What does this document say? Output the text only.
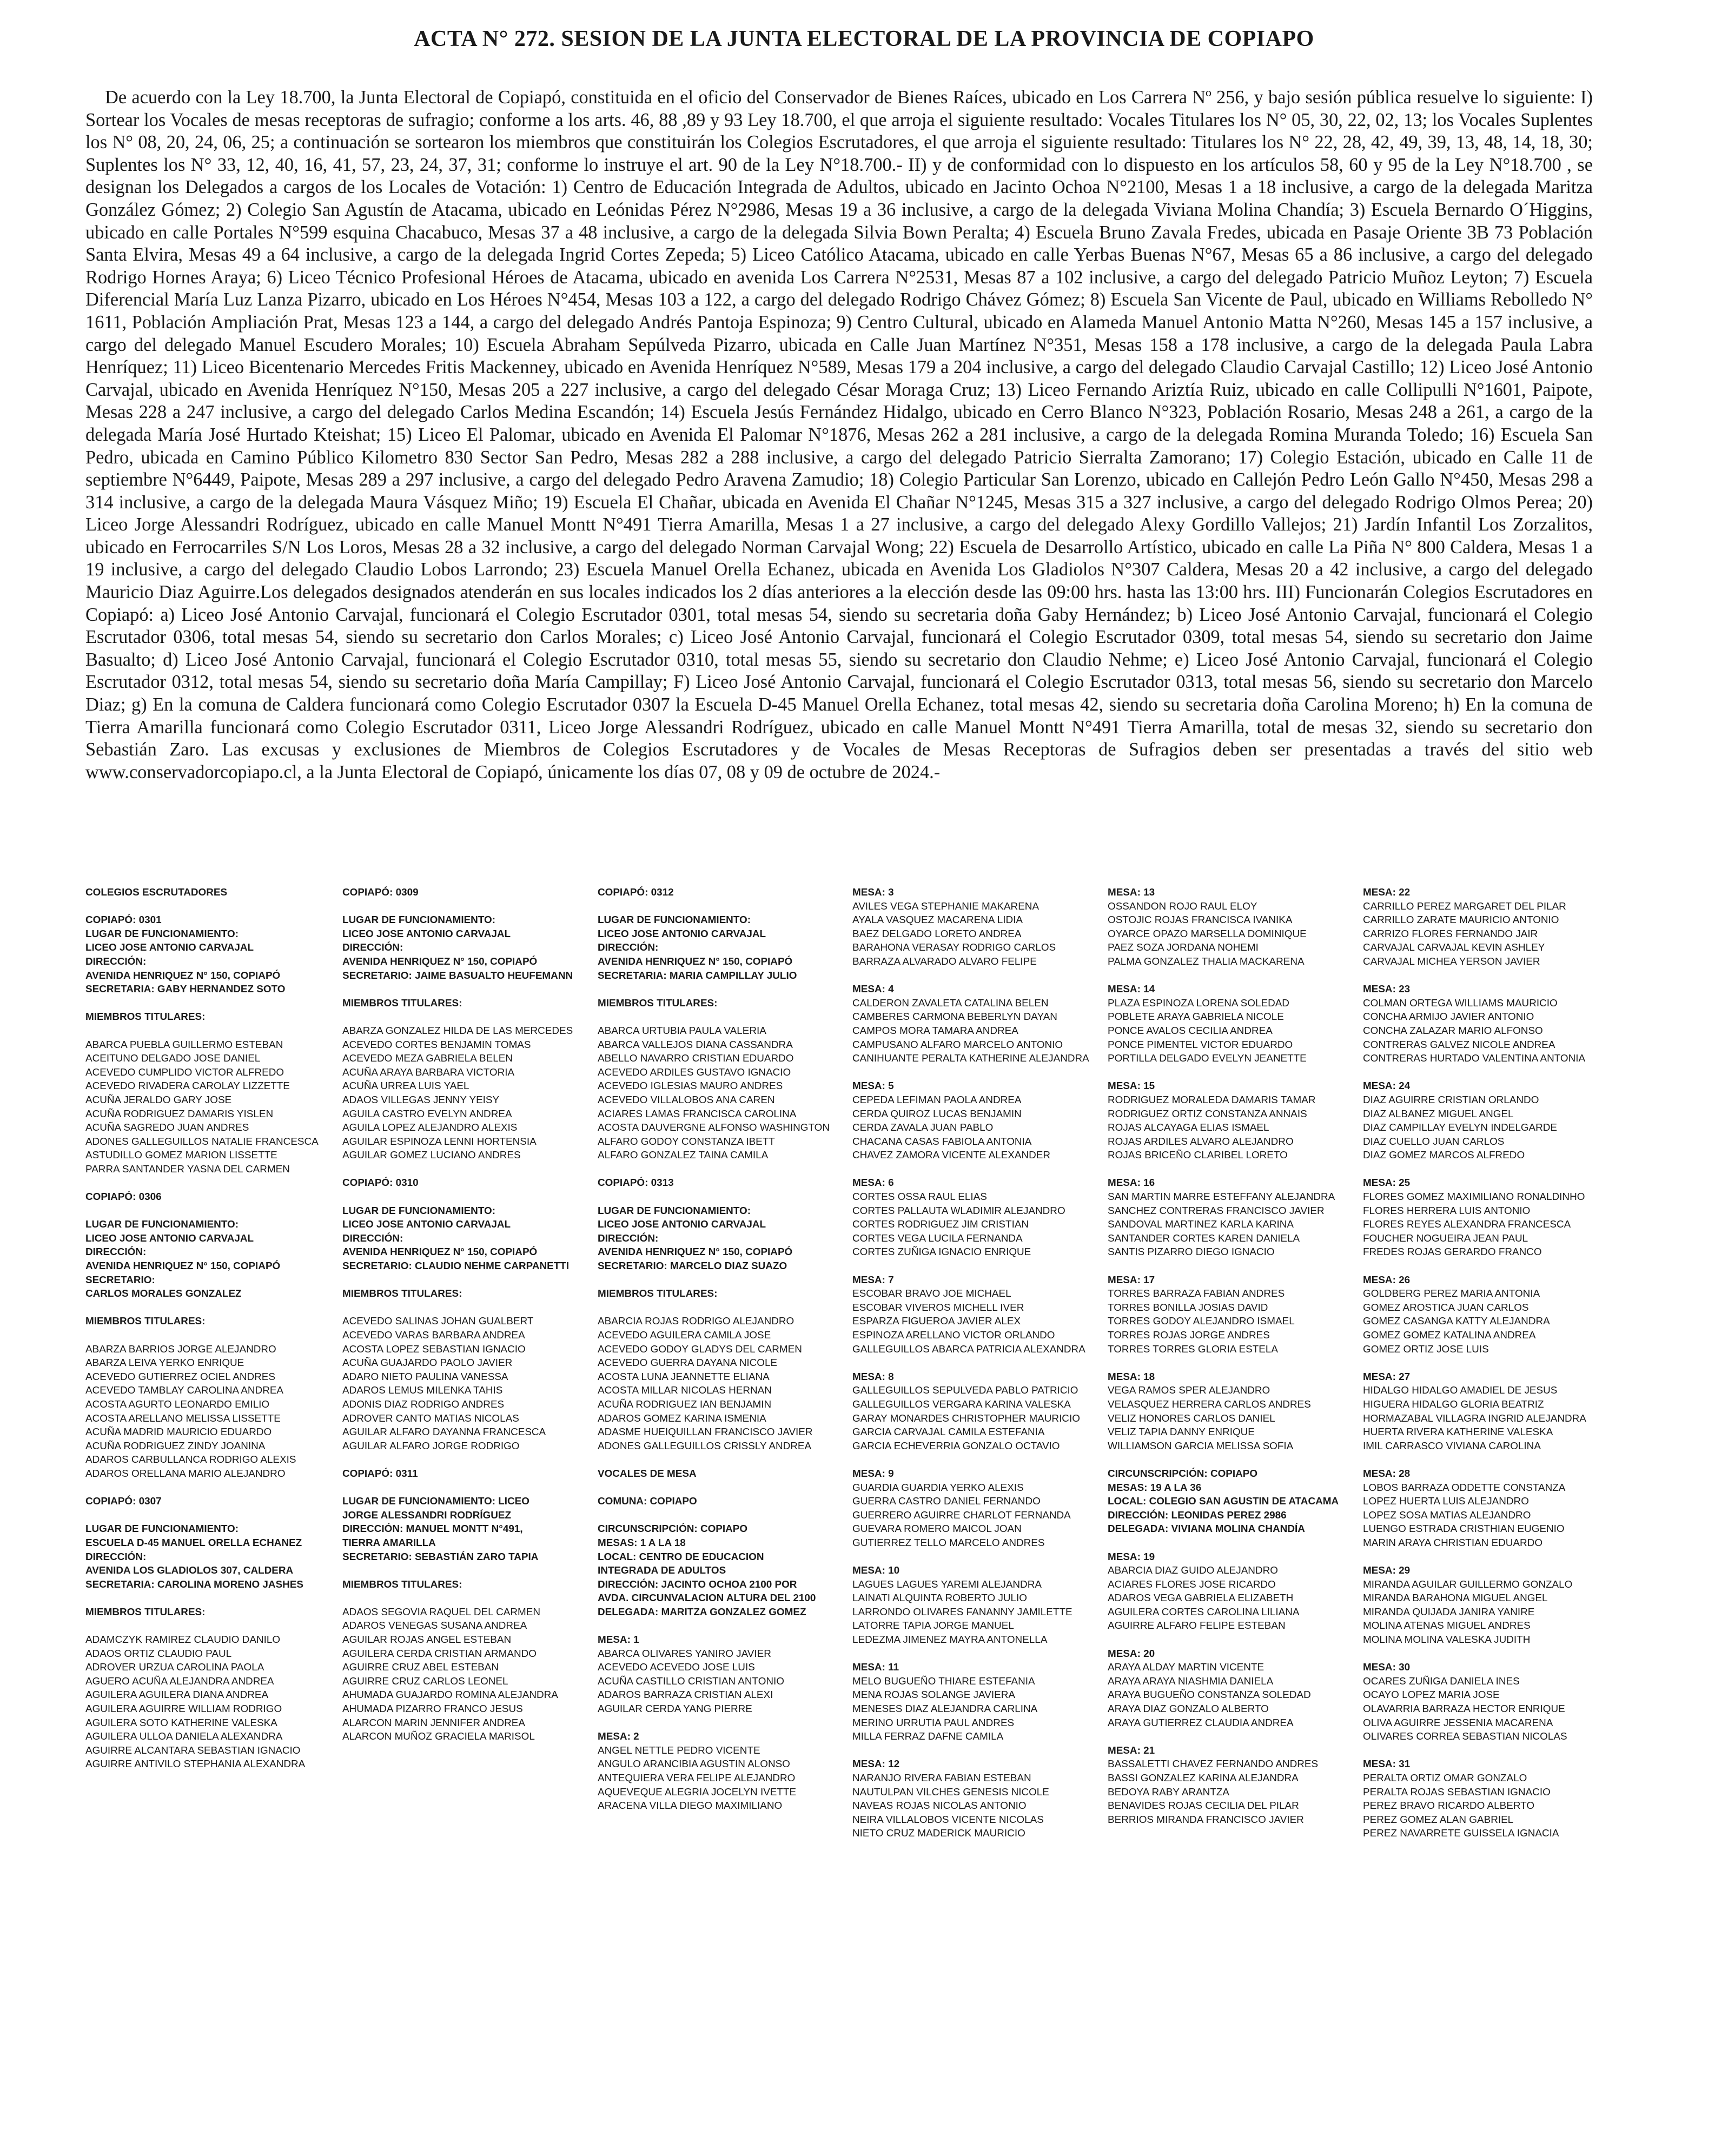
ACTA N° 272. SESION DE LA JUNTA ELECTORAL DE LA PROVINCIA DE COPIAPO

De acuerdo con la Ley 18.700, la Junta Electoral de Copiapó, constituida en el oficio del Conservador de Bienes Raíces, ubicado en Los Carrera Nº 256, y bajo sesión pública resuelve lo siguiente: I) Sortear los Vocales de mesas receptoras de sufragio; conforme a los arts. 46, 88 ,89 y 93 Ley 18.700, el que arroja el siguiente resultado: Vocales Titulares los N° 05, 30, 22, 02, 13; los Vocales Suplentes los N° 08, 20, 24, 06, 25; a continuación se sortearon los miembros que constituirán los Colegios Escrutadores, el que arroja el siguiente resultado: Titulares los N° 22, 28, 42, 49, 39, 13, 48, 14, 18, 30; Suplentes los N° 33, 12, 40, 16, 41, 57, 23, 24, 37, 31; conforme lo instruye el art. 90 de la Ley N°18.700.- II) y de conformidad con lo dispuesto en los artículos 58, 60 y 95 de la Ley N°18.700 , se designan los Delegados a cargos de los Locales de Votación: 1) Centro de Educación Integrada de Adultos, ubicado en Jacinto Ochoa N°2100, Mesas 1 a 18 inclusive, a cargo de la delegada Maritza González Gómez; 2) Colegio San Agustín de Atacama, ubicado en Leónidas Pérez N°2986, Mesas 19 a 36 inclusive, a cargo de la delegada Viviana Molina Chandía; 3) Escuela Bernardo O´Higgins, ubicado en calle Portales N°599 esquina Chacabuco, Mesas 37 a 48 inclusive, a cargo de la delegada Silvia Bown Peralta; 4) Escuela Bruno Zavala Fredes, ubicada en Pasaje Oriente 3B 73 Población Santa Elvira, Mesas 49 a 64 inclusive, a cargo de la delegada Ingrid Cortes Zepeda; 5) Liceo Católico Atacama, ubicado en calle Yerbas Buenas N°67, Mesas 65 a 86 inclusive, a cargo del delegado Rodrigo Hornes Araya; 6) Liceo Técnico Profesional Héroes de Atacama, ubicado en avenida Los Carrera N°2531, Mesas 87 a 102 inclusive, a cargo del delegado Patricio Muñoz Leyton; 7) Escuela Diferencial María Luz Lanza Pizarro, ubicado en Los Héroes N°454, Mesas 103 a 122, a cargo del delegado Rodrigo Chávez Gómez; 8) Escuela San Vicente de Paul, ubicado en Williams Rebolledo N° 1611, Población Ampliación Prat, Mesas 123 a 144, a cargo del delegado Andrés Pantoja Espinoza; 9) Centro Cultural, ubicado en Alameda Manuel Antonio Matta N°260, Mesas 145 a 157 inclusive, a cargo del delegado Manuel Escudero Morales; 10) Escuela Abraham Sepúlveda Pizarro, ubicada en Calle Juan Martínez N°351, Mesas 158 a 178 inclusive, a cargo de la delegada Paula Labra Henríquez; 11) Liceo Bicentenario Mercedes Fritis Mackenney, ubicado en Avenida Henríquez N°589, Mesas 179 a 204 inclusive, a cargo del delegado Claudio Carvajal Castillo; 12) Liceo José Antonio Carvajal, ubicado en Avenida Henríquez N°150, Mesas 205 a 227 inclusive, a cargo del delegado César Moraga Cruz; 13) Liceo Fernando Ariztía Ruiz, ubicado en calle Collipulli N°1601, Paipote, Mesas 228 a 247 inclusive, a cargo del delegado Carlos Medina Escandón; 14) Escuela Jesús Fernández Hidalgo, ubicado en Cerro Blanco N°323, Población Rosario, Mesas 248 a 261, a cargo de la delegada María José Hurtado Kteishat; 15) Liceo El Palomar, ubicado en Avenida El Palomar N°1876, Mesas 262 a 281 inclusive, a cargo de la delegada Romina Muranda Toledo; 16) Escuela San Pedro, ubicada en Camino Público Kilometro 830 Sector San Pedro, Mesas 282 a 288 inclusive, a cargo del delegado Patricio Sierralta Zamorano; 17) Colegio Estación, ubicado en Calle 11 de septiembre N°6449, Paipote, Mesas 289 a 297 inclusive, a cargo del delegado Pedro Aravena Zamudio; 18) Colegio Particular San Lorenzo, ubicado en Callejón Pedro León Gallo N°450, Mesas 298 a 314 inclusive, a cargo de la delegada Maura Vásquez Miño; 19) Escuela El Chañar, ubicada en Avenida El Chañar N°1245, Mesas 315 a 327 inclusive, a cargo del delegado Rodrigo Olmos Perea; 20) Liceo Jorge Alessandri Rodríguez, ubicado en calle Manuel Montt N°491 Tierra Amarilla, Mesas 1 a 27 inclusive, a cargo del delegado Alexy Gordillo Vallejos; 21) Jardín Infantil Los Zorzalitos, ubicado en Ferrocarriles S/N Los Loros, Mesas 28 a 32 inclusive, a cargo del delegado Norman Carvajal Wong; 22) Escuela de Desarrollo Artístico, ubicado en calle La Piña N° 800 Caldera, Mesas 1 a 19 inclusive, a cargo del delegado Claudio Lobos Larrondo; 23) Escuela Manuel Orella Echanez, ubicada en Avenida Los Gladiolos N°307 Caldera, Mesas 20 a 42 inclusive, a cargo del delegado Mauricio Diaz Aguirre.Los delegados designados atenderán en sus locales indicados los 2 días anteriores a la elección desde las 09:00 hrs. hasta las 13:00 hrs. III) Funcionarán Colegios Escrutadores en Copiapó: a) Liceo José Antonio Carvajal, funcionará el Colegio Escrutador 0301, total mesas 54, siendo su secretaria doña Gaby Hernández; b) Liceo José Antonio Carvajal, funcionará el Colegio Escrutador 0306, total mesas 54, siendo su secretario don Carlos Morales; c) Liceo José Antonio Carvajal, funcionará el Colegio Escrutador 0309, total mesas 54, siendo su secretario don Jaime Basualto; d) Liceo José Antonio Carvajal, funcionará el Colegio Escrutador 0310, total mesas 55, siendo su secretario don Claudio Nehme; e) Liceo José Antonio Carvajal, funcionará el Colegio Escrutador 0312, total mesas 54, siendo su secretario doña María Campillay; F) Liceo José Antonio Carvajal, funcionará el Colegio Escrutador 0313, total mesas 56, siendo su secretario don Marcelo Diaz; g) En la comuna de Caldera funcionará como Colegio Escrutador 0307 la Escuela D-45 Manuel Orella Echanez, total mesas 42, siendo su secretaria doña Carolina Moreno; h) En la comuna de Tierra Amarilla funcionará como Colegio Escrutador 0311, Liceo Jorge Alessandri Rodríguez, ubicado en calle Manuel Montt N°491 Tierra Amarilla, total de mesas 32, siendo su secretario don Sebastián Zaro. Las excusas y exclusiones de Miembros de Colegios Escrutadores y de Vocales de Mesas Receptoras de Sufragios deben ser presentadas a través del sitio web www.conservadorcopiapo.cl, a la Junta Electoral de Copiapó, únicamente los días 07, 08 y 09 de octubre de 2024.-

COLEGIOS ESCRUTADORES
COPIAPÓ: 0301
LUGAR DE FUNCIONAMIENTO:
LICEO JOSE ANTONIO CARVAJAL
DIRECCIÓN:
AVENIDA HENRIQUEZ N° 150, COPIAPÓ
SECRETARIA: GABY HERNANDEZ SOTO
MIEMBROS TITULARES:
ABARCA PUEBLA GUILLERMO ESTEBAN
ACEITUNO DELGADO JOSE DANIEL
ACEVEDO CUMPLIDO VICTOR ALFREDO
ACEVEDO RIVADERA CAROLAY LIZZETTE
ACUÑA JERALDO GARY JOSE
ACUÑA RODRIGUEZ DAMARIS YISLEN
ACUÑA SAGREDO JUAN ANDRES
ADONES GALLEGUILLOS NATALIE FRANCESCA
ASTUDILLO GOMEZ MARION LISSETTE
PARRA SANTANDER YASNA DEL CARMEN
COPIAPÓ: 0306
LUGAR DE FUNCIONAMIENTO:
LICEO JOSE ANTONIO CARVAJAL
DIRECCIÓN:
AVENIDA HENRIQUEZ N° 150, COPIAPÓ
SECRETARIO:
CARLOS MORALES GONZALEZ
MIEMBROS TITULARES:
ABARZA BARRIOS JORGE ALEJANDRO
ABARZA LEIVA YERKO ENRIQUE
ACEVEDO GUTIERREZ OCIEL ANDRES
ACEVEDO TAMBLAY CAROLINA ANDREA
ACOSTA AGURTO LEONARDO EMILIO
ACOSTA ARELLANO MELISSA LISSETTE
ACUÑA MADRID MAURICIO EDUARDO
ACUÑA RODRIGUEZ ZINDY JOANINA
ADAROS CARBULLANCA RODRIGO ALEXIS
ADAROS ORELLANA MARIO ALEJANDRO
COPIAPÓ: 0307
LUGAR DE FUNCIONAMIENTO:
ESCUELA D-45 MANUEL ORELLA ECHANEZ
DIRECCIÓN:
AVENIDA LOS GLADIOLOS 307, CALDERA
SECRETARIA: CAROLINA MORENO JASHES
MIEMBROS TITULARES:
ADAMCZYK RAMIREZ CLAUDIO DANILO
ADAOS ORTIZ CLAUDIO PAUL
ADROVER URZUA CAROLINA PAOLA
AGUERO ACUÑA ALEJANDRA ANDREA
AGUILERA AGUILERA DIANA ANDREA
AGUILERA AGUIRRE WILLIAM RODRIGO
AGUILERA SOTO KATHERINE VALESKA
AGUILERA ULLOA DANIELA ALEXANDRA
AGUIRRE ALCANTARA SEBASTIAN IGNACIO
AGUIRRE ANTIVILO STEPHANIA ALEXANDRA
COPIAPÓ: 0309
LUGAR DE FUNCIONAMIENTO:
LICEO JOSE ANTONIO CARVAJAL
DIRECCIÓN:
AVENIDA HENRIQUEZ N° 150, COPIAPÓ
SECRETARIO: JAIME BASUALTO HEUFEMANN
MIEMBROS TITULARES:
ABARZA GONZALEZ HILDA DE LAS MERCEDES
ACEVEDO CORTES BENJAMIN TOMAS
ACEVEDO MEZA GABRIELA BELEN
ACUÑA ARAYA BARBARA VICTORIA
ACUÑA URREA LUIS YAEL
ADAOS VILLEGAS JENNY YEISY
AGUILA CASTRO EVELYN ANDREA
AGUILA LOPEZ ALEJANDRO ALEXIS
AGUILAR ESPINOZA LENNI HORTENSIA
AGUILAR GOMEZ LUCIANO ANDRES
COPIAPÓ: 0310
LUGAR DE FUNCIONAMIENTO:
LICEO JOSE ANTONIO CARVAJAL
DIRECCIÓN:
AVENIDA HENRIQUEZ N° 150, COPIAPÓ
SECRETARIO: CLAUDIO NEHME CARPANETTI
MIEMBROS TITULARES:
ACEVEDO SALINAS JOHAN GUALBERT
ACEVEDO VARAS BARBARA ANDREA
ACOSTA LOPEZ SEBASTIAN IGNACIO
ACUÑA GUAJARDO PAOLO JAVIER
ADARO NIETO PAULINA VANESSA
ADAROS LEMUS MILENKA TAHIS
ADONIS DIAZ RODRIGO ANDRES
ADROVER CANTO MATIAS NICOLAS
AGUILAR ALFARO DAYANNA FRANCESCA
AGUILAR ALFARO JORGE RODRIGO
COPIAPÓ: 0311
LUGAR DE FUNCIONAMIENTO: LICEO
JORGE ALESSANDRI RODRÍGUEZ
DIRECCIÓN: MANUEL MONTT N°491,
TIERRA AMARILLA
SECRETARIO: SEBASTIÁN ZARO TAPIA
MIEMBROS TITULARES:
ADAOS SEGOVIA RAQUEL DEL CARMEN
ADAROS VENEGAS SUSANA ANDREA
AGUILAR ROJAS ANGEL ESTEBAN
AGUILERA CERDA CRISTIAN ARMANDO
AGUIRRE CRUZ ABEL ESTEBAN
AGUIRRE CRUZ CARLOS LEONEL
AHUMADA GUAJARDO ROMINA ALEJANDRA
AHUMADA PIZARRO FRANCO JESUS
ALARCON MARIN JENNIFER ANDREA
ALARCON MUÑOZ GRACIELA MARISOL
COPIAPÓ: 0312
LUGAR DE FUNCIONAMIENTO:
LICEO JOSE ANTONIO CARVAJAL
DIRECCIÓN:
AVENIDA HENRIQUEZ N° 150, COPIAPÓ
SECRETARIA: MARIA CAMPILLAY JULIO
MIEMBROS TITULARES:
ABARCA URTUBIA PAULA VALERIA
ABARCA VALLEJOS DIANA CASSANDRA
ABELLO NAVARRO CRISTIAN EDUARDO
ACEVEDO ARDILES GUSTAVO IGNACIO
ACEVEDO IGLESIAS MAURO ANDRES
ACEVEDO VILLALOBOS ANA CAREN
ACIARES LAMAS FRANCISCA CAROLINA
ACOSTA DAUVERGNE ALFONSO WASHINGTON
ALFARO GODOY CONSTANZA IBETT
ALFARO GONZALEZ TAINA CAMILA
COPIAPÓ: 0313
LUGAR DE FUNCIONAMIENTO:
LICEO JOSE ANTONIO CARVAJAL
DIRECCIÓN:
AVENIDA HENRIQUEZ N° 150, COPIAPÓ
SECRETARIO: MARCELO DIAZ SUAZO
MIEMBROS TITULARES:
ABARCIA ROJAS RODRIGO ALEJANDRO
ACEVEDO AGUILERA CAMILA JOSE
ACEVEDO GODOY GLADYS DEL CARMEN
ACEVEDO GUERRA DAYANA NICOLE
ACOSTA LUNA JEANNETTE ELIANA
ACOSTA MILLAR NICOLAS HERNAN
ACUÑA RODRIGUEZ IAN BENJAMIN
ADAROS GOMEZ KARINA ISMENIA
ADASME HUEIQUILLAN FRANCISCO JAVIER
ADONES GALLEGUILLOS CRISSLY ANDREA
VOCALES DE MESA
COMUNA: COPIAPO
CIRCUNSCRIPCIÓN: COPIAPO
MESAS: 1 A LA 18
LOCAL: CENTRO DE EDUCACION
INTEGRADA DE ADULTOS
DIRECCIÓN: JACINTO OCHOA 2100 POR
AVDA. CIRCUNVALACION ALTURA DEL 2100
DELEGADA: MARITZA GONZALEZ GOMEZ
MESA: 1
ABARCA OLIVARES YANIRO JAVIER
ACEVEDO ACEVEDO JOSE LUIS
ACUÑA CASTILLO CRISTIAN ANTONIO
ADAROS BARRAZA CRISTIAN ALEXI
AGUILAR CERDA YANG PIERRE
MESA: 2
ANGEL NETTLE PEDRO VICENTE
ANGULO ARANCIBIA AGUSTIN ALONSO
ANTEQUIERA VERA FELIPE ALEJANDRO
AQUEVEQUE ALEGRIA JOCELYN IVETTE
ARACENA VILLA DIEGO MAXIMILIANO
MESA: 3
AVILES VEGA STEPHANIE MAKARENA
AYALA VASQUEZ MACARENA LIDIA
BAEZ DELGADO LORETO ANDREA
BARAHONA VERASAY RODRIGO CARLOS
BARRAZA ALVARADO ALVARO FELIPE
MESA: 4
CALDERON ZAVALETA CATALINA BELEN
CAMBERES CARMONA BEBERLYN DAYAN
CAMPOS MORA TAMARA ANDREA
CAMPUSANO ALFARO MARCELO ANTONIO
CANIHUANTE PERALTA KATHERINE ALEJANDRA
MESA: 5
CEPEDA LEFIMAN PAOLA ANDREA
CERDA QUIROZ LUCAS BENJAMIN
CERDA ZAVALA JUAN PABLO
CHACANA CASAS FABIOLA ANTONIA
CHAVEZ ZAMORA VICENTE ALEXANDER
MESA: 6
CORTES OSSA RAUL ELIAS
CORTES PALLAUTA WLADIMIR ALEJANDRO
CORTES RODRIGUEZ JIM CRISTIAN
CORTES VEGA LUCILA FERNANDA
CORTES ZUÑIGA IGNACIO ENRIQUE
MESA: 7
ESCOBAR BRAVO JOE MICHAEL
ESCOBAR VIVEROS MICHELL IVER
ESPARZA FIGUEROA JAVIER ALEX
ESPINOZA ARELLANO VICTOR ORLANDO
GALLEGUILLOS ABARCA PATRICIA ALEXANDRA
MESA: 8
GALLEGUILLOS SEPULVEDA PABLO PATRICIO
GALLEGUILLOS VERGARA KARINA VALESKA
GARAY MONARDES CHRISTOPHER MAURICIO
GARCIA CARVAJAL CAMILA ESTEFANIA
GARCIA ECHEVERRIA GONZALO OCTAVIO
MESA: 9
GUARDIA GUARDIA YERKO ALEXIS
GUERRA CASTRO DANIEL FERNANDO
GUERRERO AGUIRRE CHARLOT FERNANDA
GUEVARA ROMERO MAICOL JOAN
GUTIERREZ TELLO MARCELO ANDRES
MESA: 10
LAGUES LAGUES YAREMI ALEJANDRA
LAINATI ALQUINTA ROBERTO JULIO
LARRONDO OLIVARES FANANNY JAMILETTE
LATORRE TAPIA JORGE MANUEL
LEDEZMA JIMENEZ MAYRA ANTONELLA
MESA: 11
MELO BUGUEÑO THIARE ESTEFANIA
MENA ROJAS SOLANGE JAVIERA
MENESES DIAZ ALEJANDRA CARLINA
MERINO URRUTIA PAUL ANDRES
MILLA FERRAZ DAFNE CAMILA
MESA: 12
NARANJO RIVERA FABIAN ESTEBAN
NAUTULPAN VILCHES GENESIS NICOLE
NAVEAS ROJAS NICOLAS ANTONIO
NEIRA VILLALOBOS VICENTE NICOLAS
NIETO CRUZ MADERICK MAURICIO
MESA: 13
OSSANDON ROJO RAUL ELOY
OSTOJIC ROJAS FRANCISCA IVANIKA
OYARCE OPAZO MARSELLA DOMINIQUE
PAEZ SOZA JORDANA NOHEMI
PALMA GONZALEZ THALIA MACKARENA
MESA: 14
PLAZA ESPINOZA LORENA SOLEDAD
POBLETE ARAYA GABRIELA NICOLE
PONCE AVALOS CECILIA ANDREA
PONCE PIMENTEL VICTOR EDUARDO
PORTILLA DELGADO EVELYN JEANETTE
MESA: 15
RODRIGUEZ MORALEDA DAMARIS TAMAR
RODRIGUEZ ORTIZ CONSTANZA ANNAIS
ROJAS ALCAYAGA ELIAS ISMAEL
ROJAS ARDILES ALVARO ALEJANDRO
ROJAS BRICEÑO CLARIBEL LORETO
MESA: 16
SAN MARTIN MARRE ESTEFFANY ALEJANDRA
SANCHEZ CONTRERAS FRANCISCO JAVIER
SANDOVAL MARTINEZ KARLA KARINA
SANTANDER CORTES KAREN DANIELA
SANTIS PIZARRO DIEGO IGNACIO
MESA: 17
TORRES BARRAZA FABIAN ANDRES
TORRES BONILLA JOSIAS DAVID
TORRES GODOY ALEJANDRO ISMAEL
TORRES ROJAS JORGE ANDRES
TORRES TORRES GLORIA ESTELA
MESA: 18
VEGA RAMOS SPER ALEJANDRO
VELASQUEZ HERRERA CARLOS ANDRES
VELIZ HONORES CARLOS DANIEL
VELIZ TAPIA DANNY ENRIQUE
WILLIAMSON GARCIA MELISSA SOFIA
CIRCUNSCRIPCIÓN: COPIAPO
MESAS: 19 A LA 36
LOCAL: COLEGIO SAN AGUSTIN DE ATACAMA
DIRECCIÓN: LEONIDAS PEREZ 2986
DELEGADA: VIVIANA MOLINA CHANDÍA
MESA: 19
ABARCIA DIAZ GUIDO ALEJANDRO
ACIARES FLORES JOSE RICARDO
ADAROS VEGA GABRIELA ELIZABETH
AGUILERA CORTES CAROLINA LILIANA
AGUIRRE ALFARO FELIPE ESTEBAN
MESA: 20
ARAYA ALDAY MARTIN VICENTE
ARAYA ARAYA NIASHMIA DANIELA
ARAYA BUGUEÑO CONSTANZA SOLEDAD
ARAYA DIAZ GONZALO ALBERTO
ARAYA GUTIERREZ CLAUDIA ANDREA
MESA: 21
BASSALETTI CHAVEZ FERNANDO ANDRES
BASSI GONZALEZ KARINA ALEJANDRA
BEDOYA RABY ARANTZA
BENAVIDES ROJAS CECILIA DEL PILAR
BERRIOS MIRANDA FRANCISCO JAVIER
MESA: 22
CARRILLO PEREZ MARGARET DEL PILAR
CARRILLO ZARATE MAURICIO ANTONIO
CARRIZO FLORES FERNANDO JAIR
CARVAJAL CARVAJAL KEVIN ASHLEY
CARVAJAL MICHEA YERSON JAVIER
MESA: 23
COLMAN ORTEGA WILLIAMS MAURICIO
CONCHA ARMIJO JAVIER ANTONIO
CONCHA ZALAZAR MARIO ALFONSO
CONTRERAS GALVEZ NICOLE ANDREA
CONTRERAS HURTADO VALENTINA ANTONIA
MESA: 24
DIAZ AGUIRRE CRISTIAN ORLANDO
DIAZ ALBANEZ MIGUEL ANGEL
DIAZ CAMPILLAY EVELYN INDELGARDE
DIAZ CUELLO JUAN CARLOS
DIAZ GOMEZ MARCOS ALFREDO
MESA: 25
FLORES GOMEZ MAXIMILIANO RONALDINHO
FLORES HERRERA LUIS ANTONIO
FLORES REYES ALEXANDRA FRANCESCA
FOUCHER NOGUEIRA JEAN PAUL
FREDES ROJAS GERARDO FRANCO
MESA: 26
GOLDBERG PEREZ MARIA ANTONIA
GOMEZ AROSTICA JUAN CARLOS
GOMEZ CASANGA KATTY ALEJANDRA
GOMEZ GOMEZ KATALINA ANDREA
GOMEZ ORTIZ JOSE LUIS
MESA: 27
HIDALGO HIDALGO AMADIEL DE JESUS
HIGUERA HIDALGO GLORIA BEATRIZ
HORMAZABAL VILLAGRA INGRID ALEJANDRA
HUERTA RIVERA KATHERINE VALESKA
IMIL CARRASCO VIVIANA CAROLINA
MESA: 28
LOBOS BARRAZA ODDETTE CONSTANZA
LOPEZ HUERTA LUIS ALEJANDRO
LOPEZ SOSA MATIAS ALEJANDRO
LUENGO ESTRADA CRISTHIAN EUGENIO
MARIN ARAYA CHRISTIAN EDUARDO
MESA: 29
MIRANDA AGUILAR GUILLERMO GONZALO
MIRANDA BARAHONA MIGUEL ANGEL
MIRANDA QUIJADA JANIRA YANIRE
MOLINA ATENAS MIGUEL ANDRES
MOLINA MOLINA VALESKA JUDITH
MESA: 30
OCARES ZUÑIGA DANIELA INES
OCAYO LOPEZ MARIA JOSE
OLAVARRIA BARRAZA HECTOR ENRIQUE
OLIVA AGUIRRE JESSENIA MACARENA
OLIVARES CORREA SEBASTIAN NICOLAS
MESA: 31
PERALTA ORTIZ OMAR GONZALO
PERALTA ROJAS SEBASTIAN IGNACIO
PEREZ BRAVO RICARDO ALBERTO
PEREZ GOMEZ ALAN GABRIEL
PEREZ NAVARRETE GUISSELA IGNACIA
